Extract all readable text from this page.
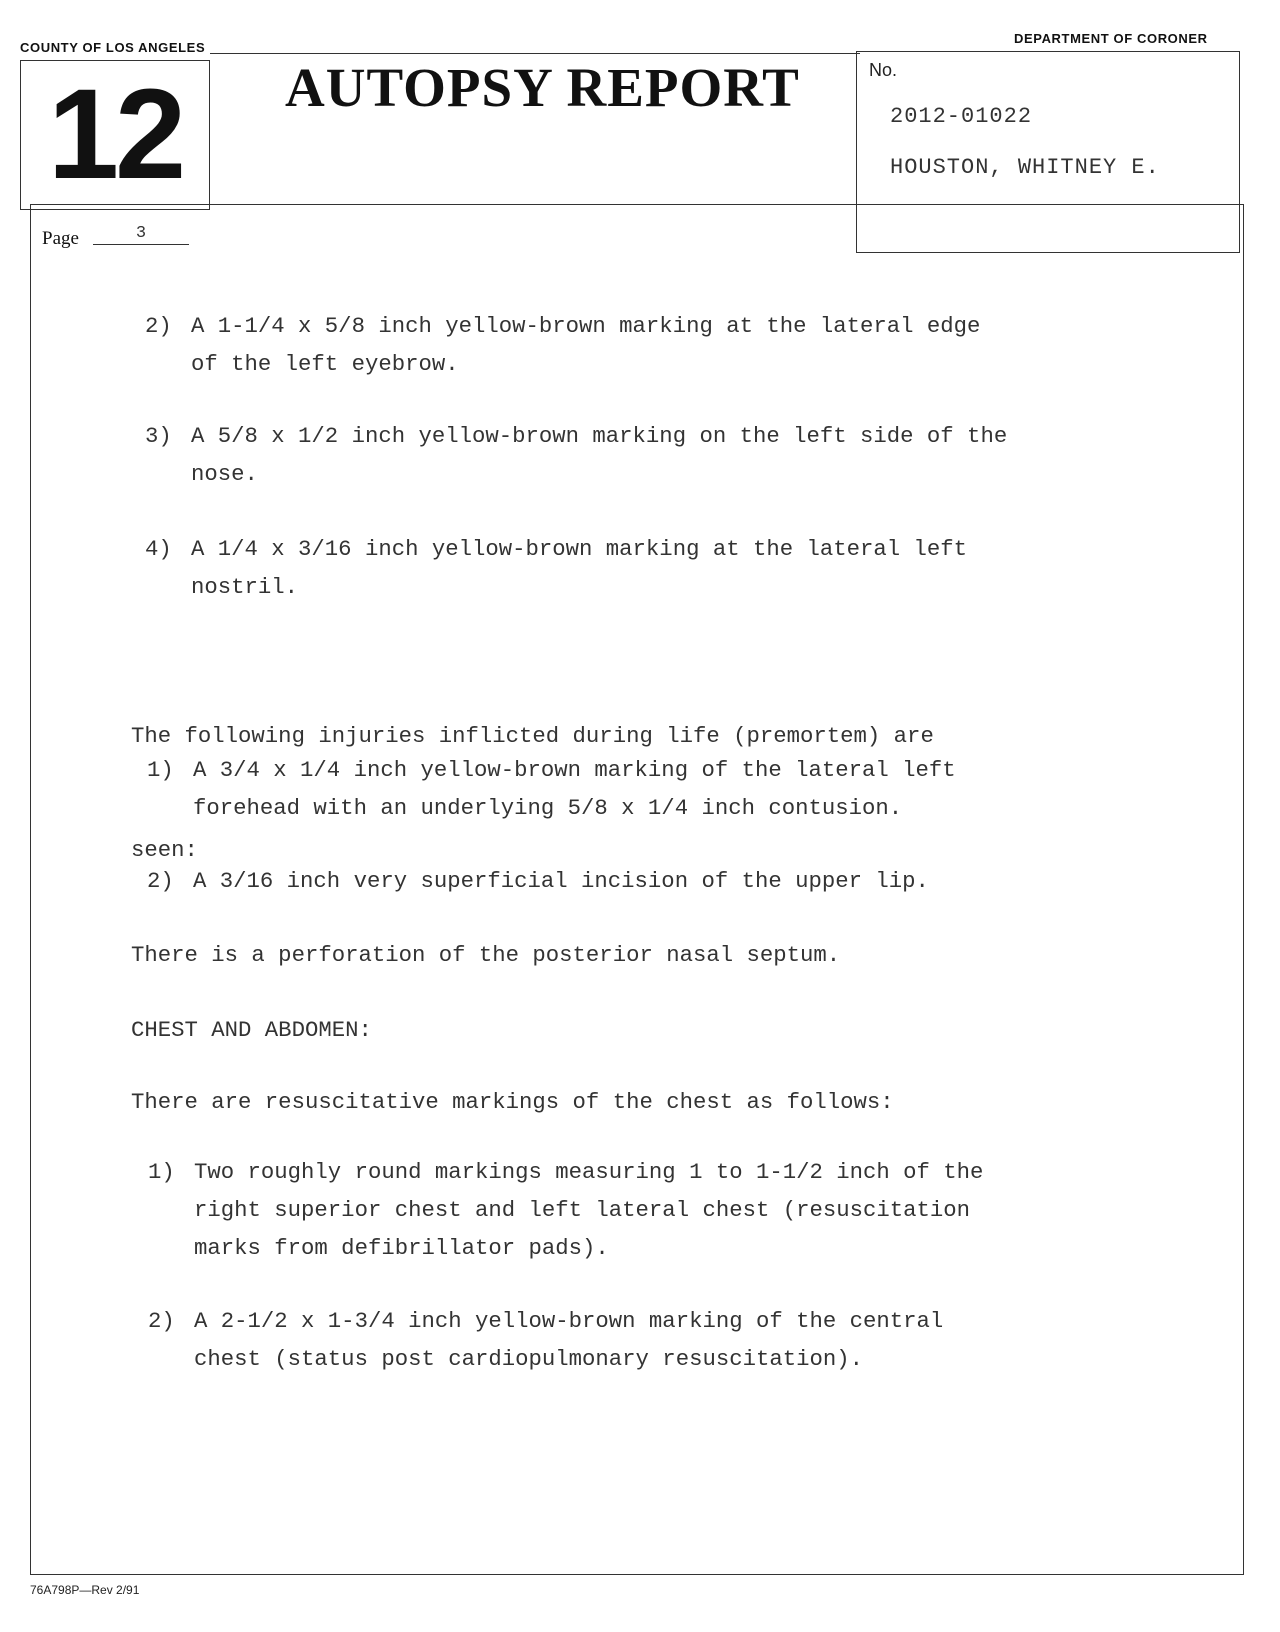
COUNTY OF LOS ANGELES
DEPARTMENT OF CORONER
12 AUTOPSY REPORT	No.
2012-01022
HOUSTON, WHITNEY E.
Page	3

2)

A 1-1/4 x 5/8 inch yellow-brown marking at the lateral edge

of the left eyebrow.

3)

A 5/8 x 1/2 inch yellow-brown marking on the left side of the

nose.

4)

A 1/4 x 3/16 inch yellow-brown marking at the lateral left

nostril.

The following injuries inflicted during life (premortem) are

seen:

1)

A 3/4 x 1/4 inch yellow-brown marking of the lateral left

forehead with an underlying 5/8 x 1/4 inch contusion.

2)

A 3/16 inch very superficial incision of the upper lip.

There is a perforation of the posterior nasal septum.

CHEST AND ABDOMEN:

There are resuscitative markings of the chest as follows:

1)

Two roughly round markings measuring 1 to 1-1/2 inch of the

right superior chest and left lateral chest (resuscitation

marks from defibrillator pads).

2)

A 2-1/2 x 1-3/4 inch yellow-brown marking of the central

chest (status post cardiopulmonary resuscitation).

76A798P—Rev 2/91
